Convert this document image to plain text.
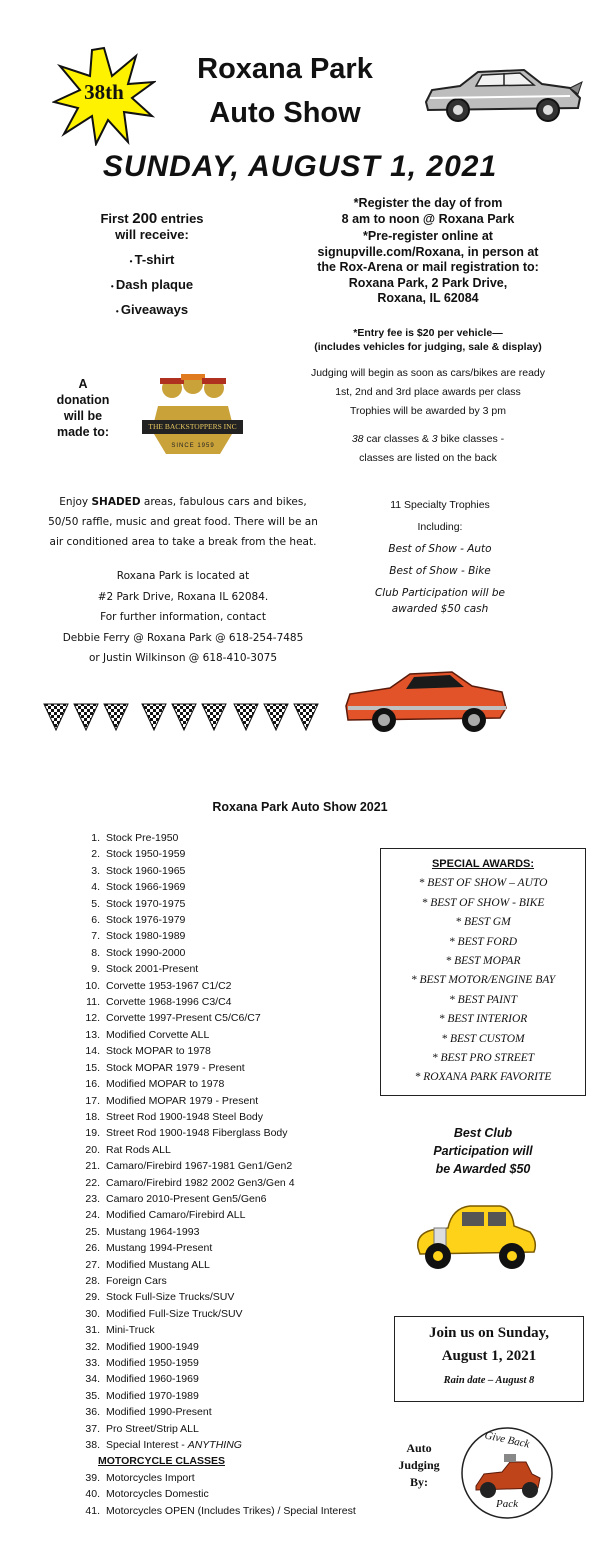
38th
Roxana Park
Auto Show
SUNDAY, AUGUST 1, 2021
First 200 entries
will receive:
• T-shirt
• Dash plaque
• Giveaways
*Register the day of from
8 am to noon @ Roxana Park
*Pre-register online at
signupville.com/Roxana, in person at
the Rox-Arena or mail registration to:
Roxana Park, 2 Park Drive,
Roxana, IL 62084
*Entry fee is $20 per vehicle—
(includes vehicles for judging, sale & display)
Judging will begin as soon as cars/bikes are ready
1st, 2nd and 3rd place awards per class
Trophies will be awarded by 3 pm
38 car classes & 3 bike classes -
classes are listed on the back
A
donation
will be
made to:	THE BACKSTOPPERS INC
SINCE 1959
Enjoy SHADED areas, fabulous cars and bikes,
50/50 raffle, music and great food. There will be an
air conditioned area to take a break from the heat.
Roxana Park is located at
#2 Park Drive, Roxana IL 62084.
For further information, contact
Debbie Ferry @ Roxana Park @ 618-254-7485
or Justin Wilkinson @ 618-410-3075
11 Specialty Trophies
Including:
Best of Show - Auto
Best of Show - Bike
Club Participation will be
awarded $50 cash
Roxana Park Auto Show 2021
1. Stock Pre-1950
2. Stock 1950-1959
3. Stock 1960-1965
4. Stock 1966-1969
5. Stock 1970-1975
6. Stock 1976-1979
7. Stock 1980-1989
8. Stock 1990-2000
9. Stock 2001-Present
10. Corvette 1953-1967 C1/C2
11. Corvette 1968-1996 C3/C4
12. Corvette 1997-Present C5/C6/C7
13. Modified Corvette ALL
14. Stock MOPAR to 1978
15. Stock MOPAR 1979 - Present
16. Modified MOPAR to 1978
17. Modified MOPAR 1979 - Present
18. Street Rod 1900-1948 Steel Body
19. Street Rod 1900-1948 Fiberglass Body
20. Rat Rods ALL
21. Camaro/Firebird 1967-1981 Gen1/Gen2
22. Camaro/Firebird 1982 2002 Gen3/Gen 4
23. Camaro 2010-Present Gen5/Gen6
24. Modified Camaro/Firebird ALL
25. Mustang 1964-1993
26. Mustang 1994-Present
27. Modified Mustang ALL
28. Foreign Cars
29. Stock Full-Size Trucks/SUV
30. Modified Full-Size Truck/SUV
31. Mini-Truck
32. Modified 1900-1949
33. Modified 1950-1959
34. Modified 1960-1969
35. Modified 1970-1989
36. Modified 1990-Present
37. Pro Street/Strip ALL
38. Special Interest - ANYTHING
MOTORCYCLE CLASSES
39. Motorcycles Import
40. Motorcycles Domestic
41. Motorcycles OPEN (Includes Trikes) / Special Interest
SPECIAL AWARDS:
* BEST OF SHOW – AUTO
* BEST OF SHOW - BIKE
* BEST GM
* BEST FORD
* BEST MOPAR
* BEST MOTOR/ENGINE BAY
* BEST PAINT
* BEST INTERIOR
* BEST CUSTOM
* BEST PRO STREET
* ROXANA PARK FAVORITE
Best Club
Participation will
be Awarded $50
Join us on Sunday,
August 1, 2021
Rain date – August 8
Auto
Judging
By:
Give Back
Pack
